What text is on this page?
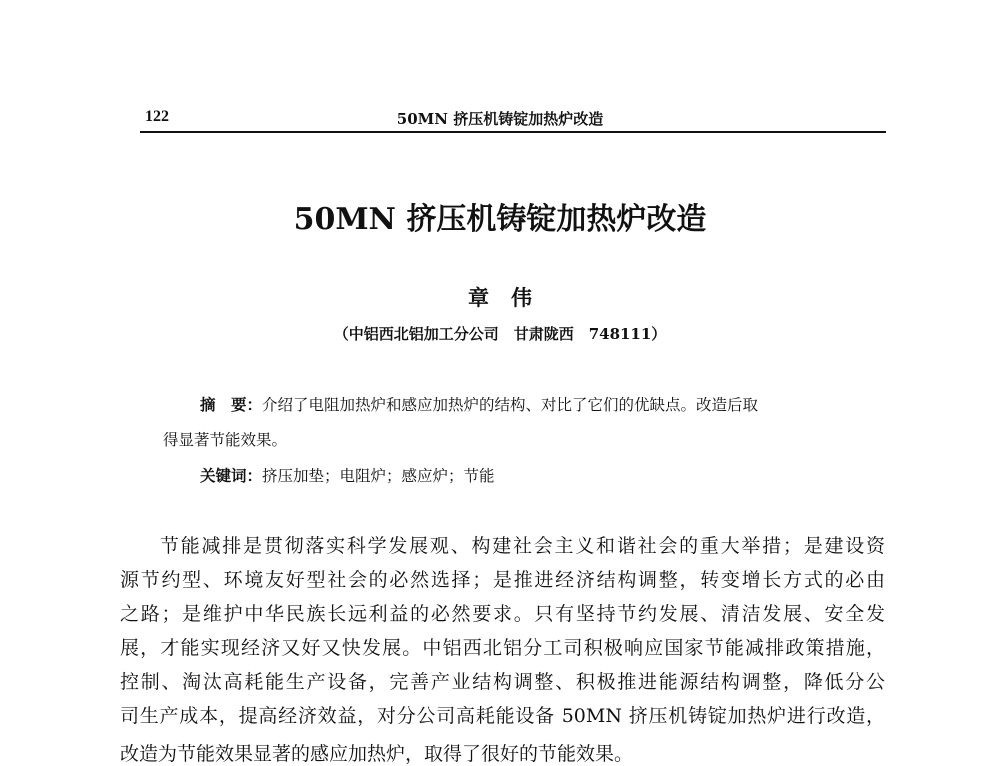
122	50MN 挤压机铸锭加热炉改造
50MN 挤压机铸锭加热炉改造
章伟
（中铝西北铝加工分公司　甘肃陇西　748111）
摘　要：介绍了电阻加热炉和感应加热炉的结构、对比了它们的优缺点。改造后取
得显著节能效果。
关键词：挤压加垫；电阻炉；感应炉；节能
节能减排是贯彻落实科学发展观、构建社会主义和谐社会的重大举措；是建设资
源节约型、环境友好型社会的必然选择；是推进经济结构调整，转变增长方式的必由
之路；是维护中华民族长远利益的必然要求。只有坚持节约发展、清洁发展、安全发
展，才能实现经济又好又快发展。中铝西北铝分工司积极响应国家节能减排政策措施，
控制、淘汰高耗能生产设备，完善产业结构调整、积极推进能源结构调整，降低分公
司生产成本，提高经济效益，对分公司高耗能设备 50MN 挤压机铸锭加热炉进行改造，
改造为节能效果显著的感应加热炉，取得了很好的节能效果。
